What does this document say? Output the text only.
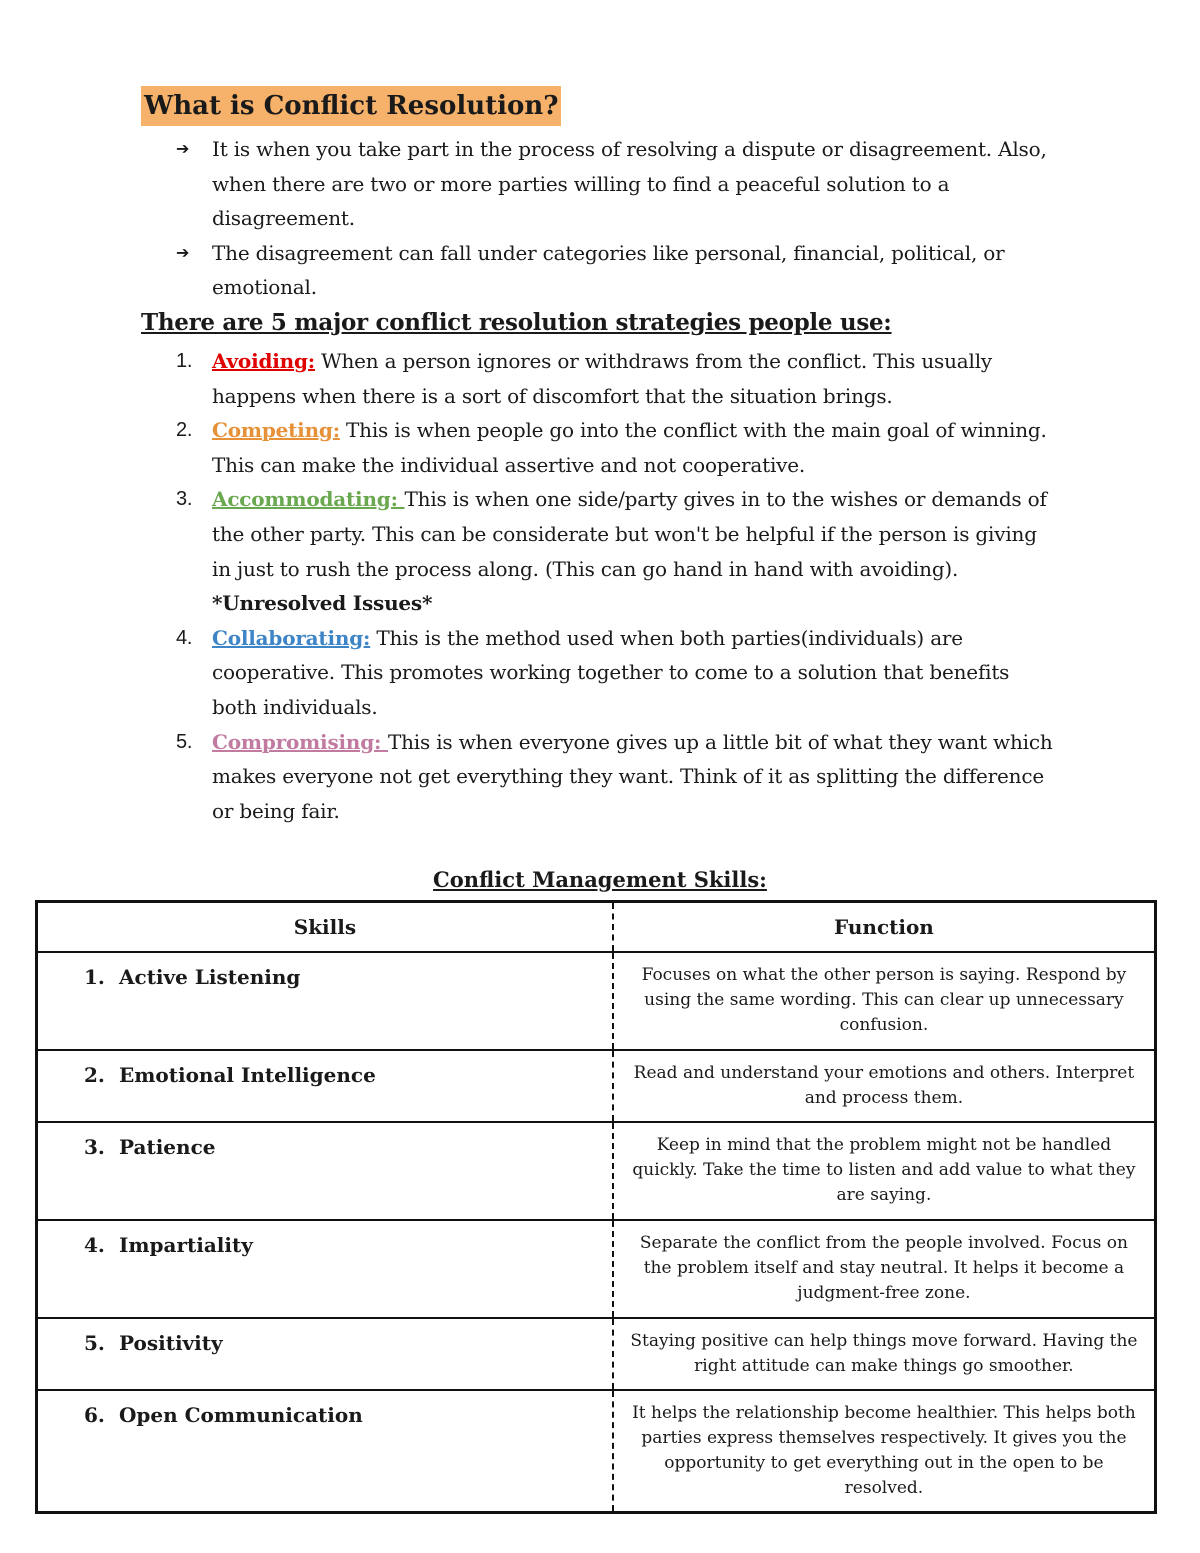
What is Conflict Resolution?
➔ It is when you take part in the process of resolving a dispute or disagreement. Also, when there are two or more parties willing to find a peaceful solution to a disagreement.
➔ The disagreement can fall under categories like personal, financial, political, or emotional.
There are 5 major conflict resolution strategies people use:
1. Avoiding: When a person ignores or withdraws from the conflict. This usually happens when there is a sort of discomfort that the situation brings.
2. Competing: This is when people go into the conflict with the main goal of winning. This can make the individual assertive and not cooperative.
3. Accommodating: This is when one side/party gives in to the wishes or demands of the other party. This can be considerate but won't be helpful if the person is giving in just to rush the process along. (This can go hand in hand with avoiding). *Unresolved Issues*
4. Collaborating: This is the method used when both parties(individuals) are cooperative. This promotes working together to come to a solution that benefits both individuals.
5. Compromising: This is when everyone gives up a little bit of what they want which makes everyone not get everything they want. Think of it as splitting the difference or being fair.
Conflict Management Skills:
Skills	Function
1. Active Listening	Focuses on what the other person is saying. Respond by using the same wording. This can clear up unnecessary confusion.
2. Emotional Intelligence	Read and understand your emotions and others. Interpret and process them.
3. Patience	Keep in mind that the problem might not be handled quickly. Take the time to listen and add value to what they are saying.
4. Impartiality	Separate the conflict from the people involved. Focus on the problem itself and stay neutral. It helps it become a judgment-free zone.
5. Positivity	Staying positive can help things move forward. Having the right attitude can make things go smoother.
6. Open Communication	It helps the relationship become healthier. This helps both parties express themselves respectively. It gives you the opportunity to get everything out in the open to be resolved.
